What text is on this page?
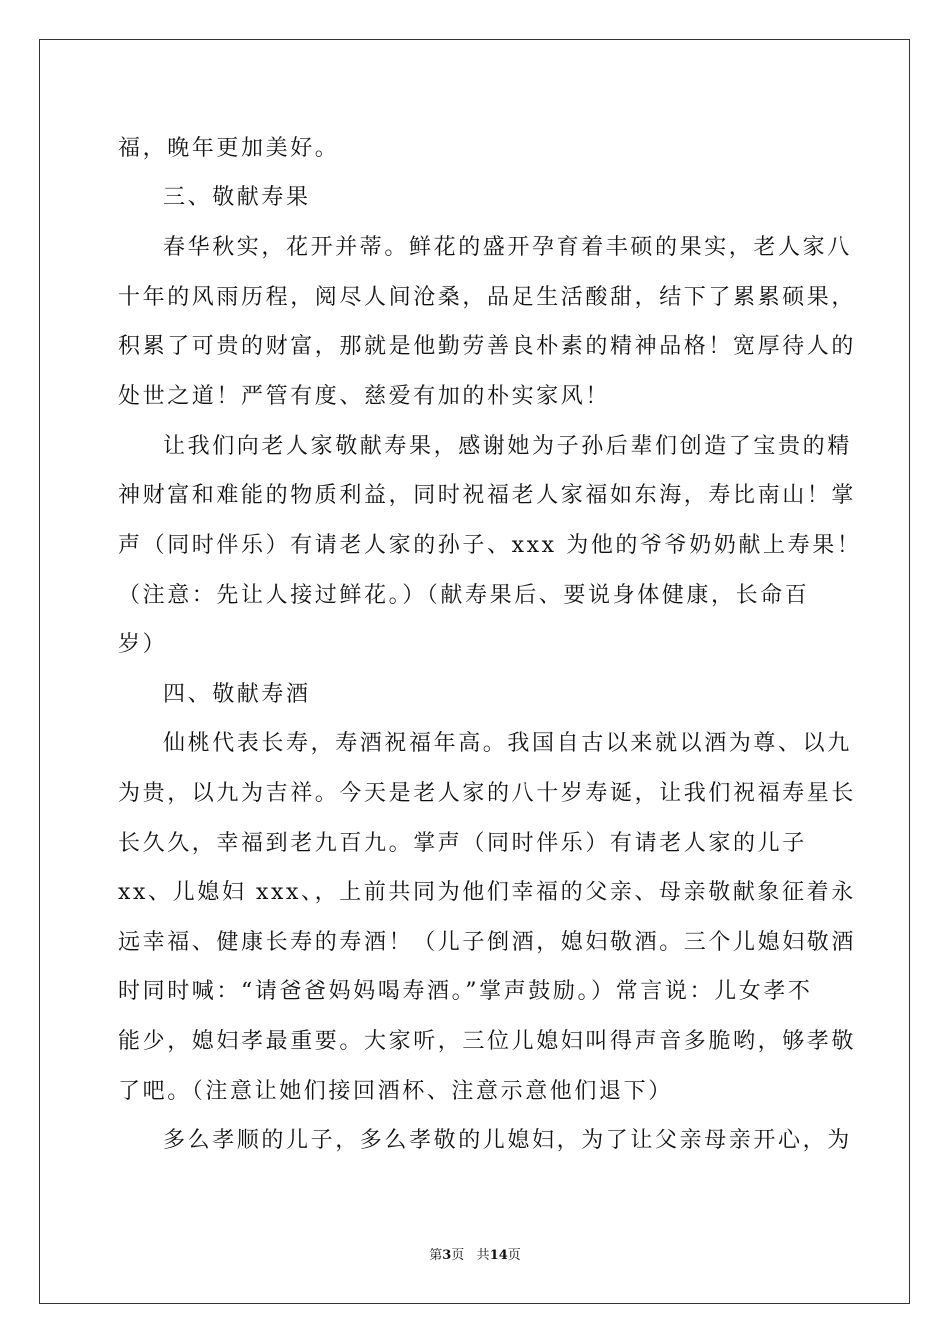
福，晚年更加美好。
三、敬献寿果
春华秋实，花开并蒂。鲜花的盛开孕育着丰硕的果实，老人家八
十年的风雨历程，阅尽人间沧桑，品足生活酸甜，结下了累累硕果，
积累了可贵的财富，那就是他勤劳善良朴素的精神品格！宽厚待人的
处世之道！严管有度、慈爱有加的朴实家风！
让我们向老人家敬献寿果，感谢她为子孙后辈们创造了宝贵的精
神财富和难能的物质利益，同时祝福老人家福如东海，寿比南山！掌
声（同时伴乐）有请老人家的孙子、xxx 为他的爷爷奶奶献上寿果！
（注意：先让人接过鲜花。）（献寿果后、要说身体健康，长命百
岁）
四、敬献寿酒
仙桃代表长寿，寿酒祝福年高。我国自古以来就以酒为尊、以九
为贵，以九为吉祥。今天是老人家的八十岁寿诞，让我们祝福寿星长
长久久，幸福到老九百九。掌声（同时伴乐）有请老人家的儿子
xx、儿媳妇 xxx、，上前共同为他们幸福的父亲、母亲敬献象征着永
远幸福、健康长寿的寿酒！（儿子倒酒，媳妇敬酒。三个儿媳妇敬酒
时同时喊：“请爸爸妈妈喝寿酒。”掌声鼓励。）常言说：儿女孝不
能少，媳妇孝最重要。大家听，三位儿媳妇叫得声音多脆哟，够孝敬
了吧。（注意让她们接回酒杯、注意示意他们退下）
多么孝顺的儿子，多么孝敬的儿媳妇，为了让父亲母亲开心，为
第3页 共14页
